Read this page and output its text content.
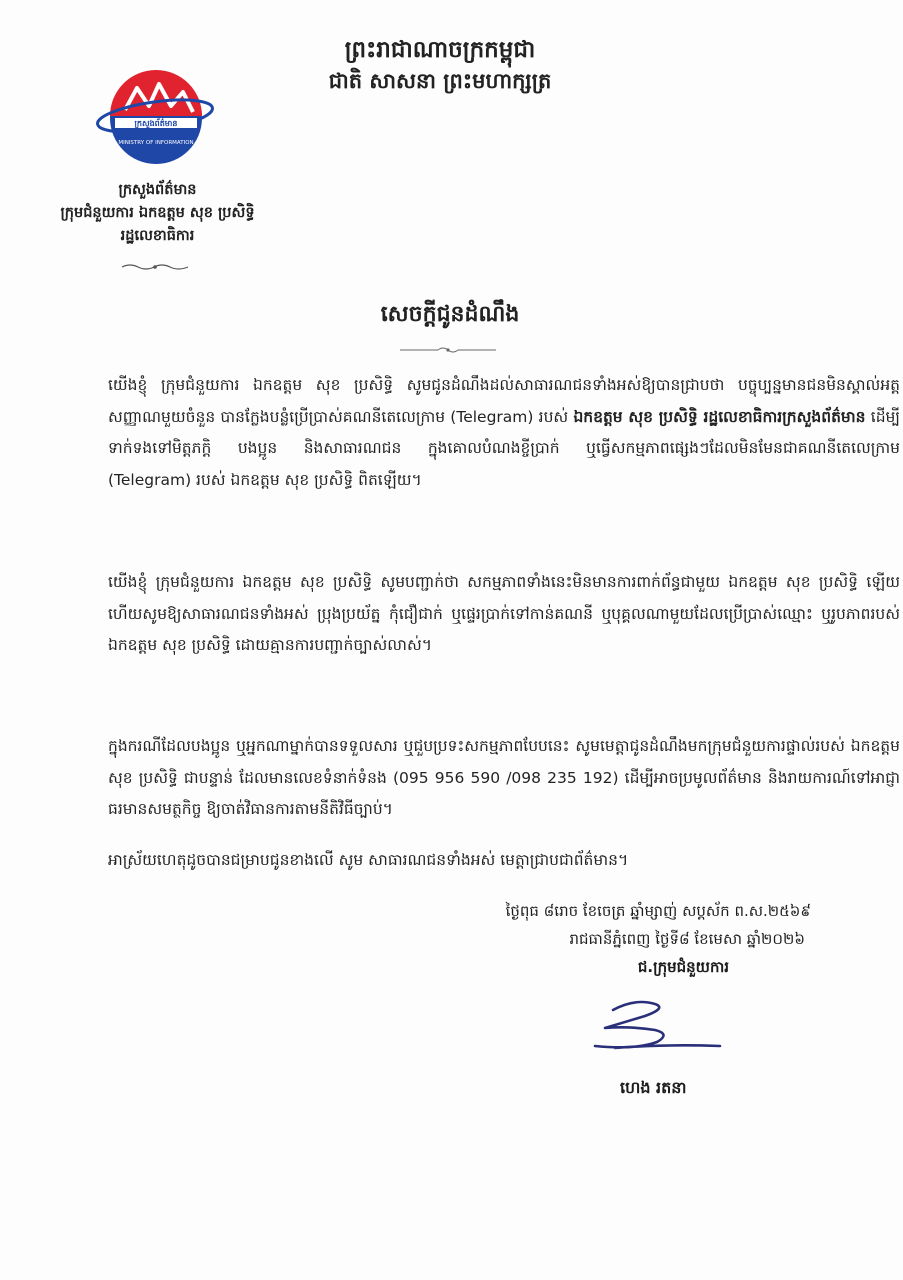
ព្រះរាជាណាចក្រកម្ពុជា
ជាតិ សាសនា ព្រះមហាក្សត្រ
ក្រសួងព័ត៌មាន
MINISTRY OF INFORMATION
ក្រសួងព័ត៌មាន
ក្រុមជំនួយការ ឯកឧត្តម សុខ ប្រសិទ្ធិ
រដ្ឋលេខាធិការ
សេចក្តីជូនដំណឹង
យើងខ្ញុំ ក្រុមជំនួយការ ឯកឧត្តម សុខ ប្រសិទ្ធិ សូមជូនដំណឹងដល់សាធារណជនទាំងអស់ឱ្យបានជ្រាបថា បច្ចុប្បន្នមានជនមិនស្គាល់អត្តសញ្ញាណមួយចំនួន បានក្លែងបន្លំប្រើប្រាស់គណនីតេលេក្រាម (Telegram) របស់ ឯកឧត្តម សុខ ប្រសិទ្ធិ រដ្ឋលេខាធិការក្រសួងព័ត៌មាន ដើម្បីទាក់ទងទៅមិត្តភក្តិ បងប្អូន និងសាធារណជន ក្នុងគោលបំណងខ្ចីប្រាក់ ឬធ្វើសកម្មភាពផ្សេងៗដែលមិនមែនជាគណនីតេលេក្រាម (Telegram) របស់ ឯកឧត្តម សុខ ប្រសិទ្ធិ ពិតឡើយ។
យើងខ្ញុំ ក្រុមជំនួយការ ឯកឧត្តម សុខ ប្រសិទ្ធិ សូមបញ្ជាក់ថា សកម្មភាពទាំងនេះមិនមានការពាក់ព័ន្ធជាមួយ ឯកឧត្តម សុខ ប្រសិទ្ធិ ឡើយ ហើយសូមឱ្យសាធារណជនទាំងអស់ ប្រុងប្រយ័ត្ន កុំជឿជាក់ ឬផ្ទេរប្រាក់ទៅកាន់គណនី ឬបុគ្គលណាមួយដែលប្រើប្រាស់ឈ្មោះ ឬរូបភាពរបស់ ឯកឧត្តម សុខ ប្រសិទ្ធិ ដោយគ្មានការបញ្ជាក់ច្បាស់លាស់។
ក្នុងករណីដែលបងប្អូន ឬអ្នកណាម្នាក់បានទទួលសារ ឬជួបប្រទះសកម្មភាពបែបនេះ សូមមេត្តាជូនដំណឹងមកក្រុមជំនួយការផ្ទាល់របស់ ឯកឧត្តម សុខ ប្រសិទ្ធិ ជាបន្ទាន់ ដែលមានលេខទំនាក់ទំនង (095 956 590 /098 235 192) ដើម្បីអាចប្រមូលព័ត៌មាន និងរាយការណ៍ទៅអាជ្ញាធរមានសមត្ថកិច្ច ឱ្យចាត់វិធានការតាមនីតិវិធីច្បាប់។
អាស្រ័យហេតុដូចបានជម្រាបជូនខាងលើ សូម សាធារណជនទាំងអស់ មេត្តាជ្រាបជាព័ត៌មាន។
ថ្ងៃពុធ ៨រោច ខែចេត្រ ឆ្នាំម្សាញ់ សប្តស័ក ព.ស.២៥៦៩
រាជធានីភ្នំពេញ ថ្ងៃទី៨ ខែមេសា ឆ្នាំ២០២៦
ជ.ក្រុមជំនួយការ
ហេង រតនា
